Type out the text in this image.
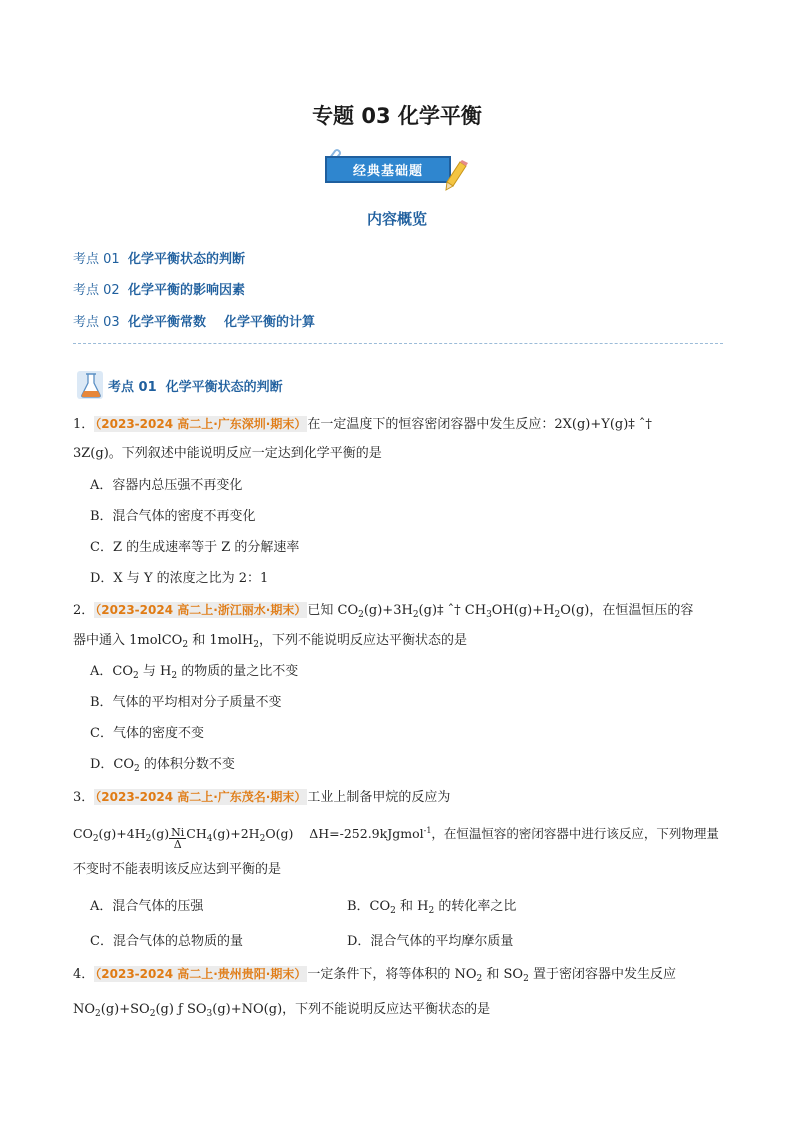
专题 03 化学平衡
经典基础题
内容概览
考点 01 化学平衡状态的判断
考点 02 化学平衡的影响因素
考点 03 化学平衡常数    化学平衡的计算
考点 01  化学平衡状态的判断
1．（2023-2024 高二上·广东深圳·期末）在一定温度下的恒容密闭容器中发生反应：2X(g)+Y(g)‡ ˆ†
3Z(g)。下列叙述中能说明反应一定达到化学平衡的是
A．容器内总压强不再变化
B．混合气体的密度不再变化
C．Z 的生成速率等于 Z 的分解速率
D．X 与 Y 的浓度之比为 2：1
2．（2023-2024 高二上·浙江丽水·期末）已知 $CO_2(g)+3H_2(g)\ddagger$ ˆ† $CH_3OH(g)+H_2O(g)$，在恒温恒压的容
器中通入 1molCO$_2$ 和 1molH$_2$，下列不能说明反应达平衡状态的是
A．$CO_2$ 与 $H_2$ 的物质的量之比不变
B．气体的平均相对分子质量不变
C．气体的密度不变
D．$CO_2$ 的体积分数不变
3．（2023-2024 高二上·广东茂名·期末）工业上制备甲烷的反应为
$CO_2(g)+4H_2(g) \frac{Ni}{\Delta} CH_4(g)+2H_2O(g)$    ΔH=-252.9kJgmol$^{-1}$，在恒温恒容的密闭容器中进行该反应，下列物理量
不变时不能表明该反应达到平衡的是
A．混合气体的压强	B．$CO_2$ 和 $H_2$ 的转化率之比
C．混合气体的总物质的量	D．混合气体的平均摩尔质量
4．（2023-2024 高二上·贵州贵阳·期末）一定条件下，将等体积的 $NO_2$ 和 $SO_2$ 置于密闭容器中发生反应
$NO_2(g)+SO_2(g)$ ƒ $SO_3(g)+NO(g)$，下列不能说明反应达平衡状态的是
